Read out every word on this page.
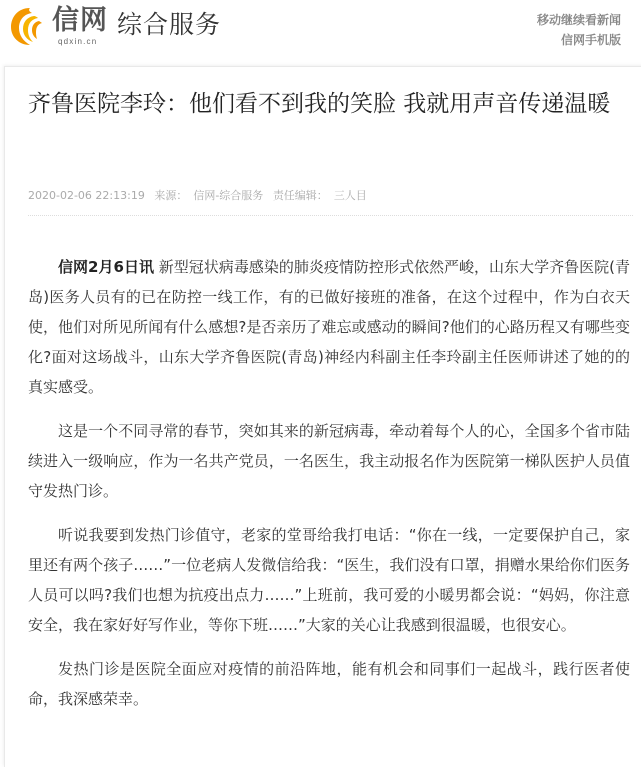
信网
qdxin.cn
综合服务	移动继续看新闻
信网手机版
齐鲁医院李玲：他们看不到我的笑脸 我就用声音传递温暖
2020-02-06 22:13:19 来源： 信网-综合服务 责任编辑： 三人目

信网2月6日讯 新型冠状病毒感染的肺炎疫情防控形式依然严峻，山东大学齐鲁医院(青岛)医务人员有的已在防控一线工作，有的已做好接班的准备，在这个过程中，作为白衣天使，他们对所见所闻有什么感想?是否亲历了难忘或感动的瞬间?他们的心路历程又有哪些变化?面对这场战斗，山东大学齐鲁医院(青岛)神经内科副主任李玲副主任医师讲述了她的的真实感受。

这是一个不同寻常的春节，突如其来的新冠病毒，牵动着每个人的心，全国多个省市陆续进入一级响应，作为一名共产党员，一名医生，我主动报名作为医院第一梯队医护人员值守发热门诊。

听说我要到发热门诊值守，老家的堂哥给我打电话：“你在一线，一定要保护自己，家里还有两个孩子……”一位老病人发微信给我：“医生，我们没有口罩，捐赠水果给你们医务人员可以吗?我们也想为抗疫出点力……”上班前，我可爱的小暖男都会说：“妈妈，你注意安全，我在家好好写作业，等你下班……”大家的关心让我感到很温暖，也很安心。

发热门诊是医院全面应对疫情的前沿阵地，能有机会和同事们一起战斗，践行医者使命，我深感荣幸。
